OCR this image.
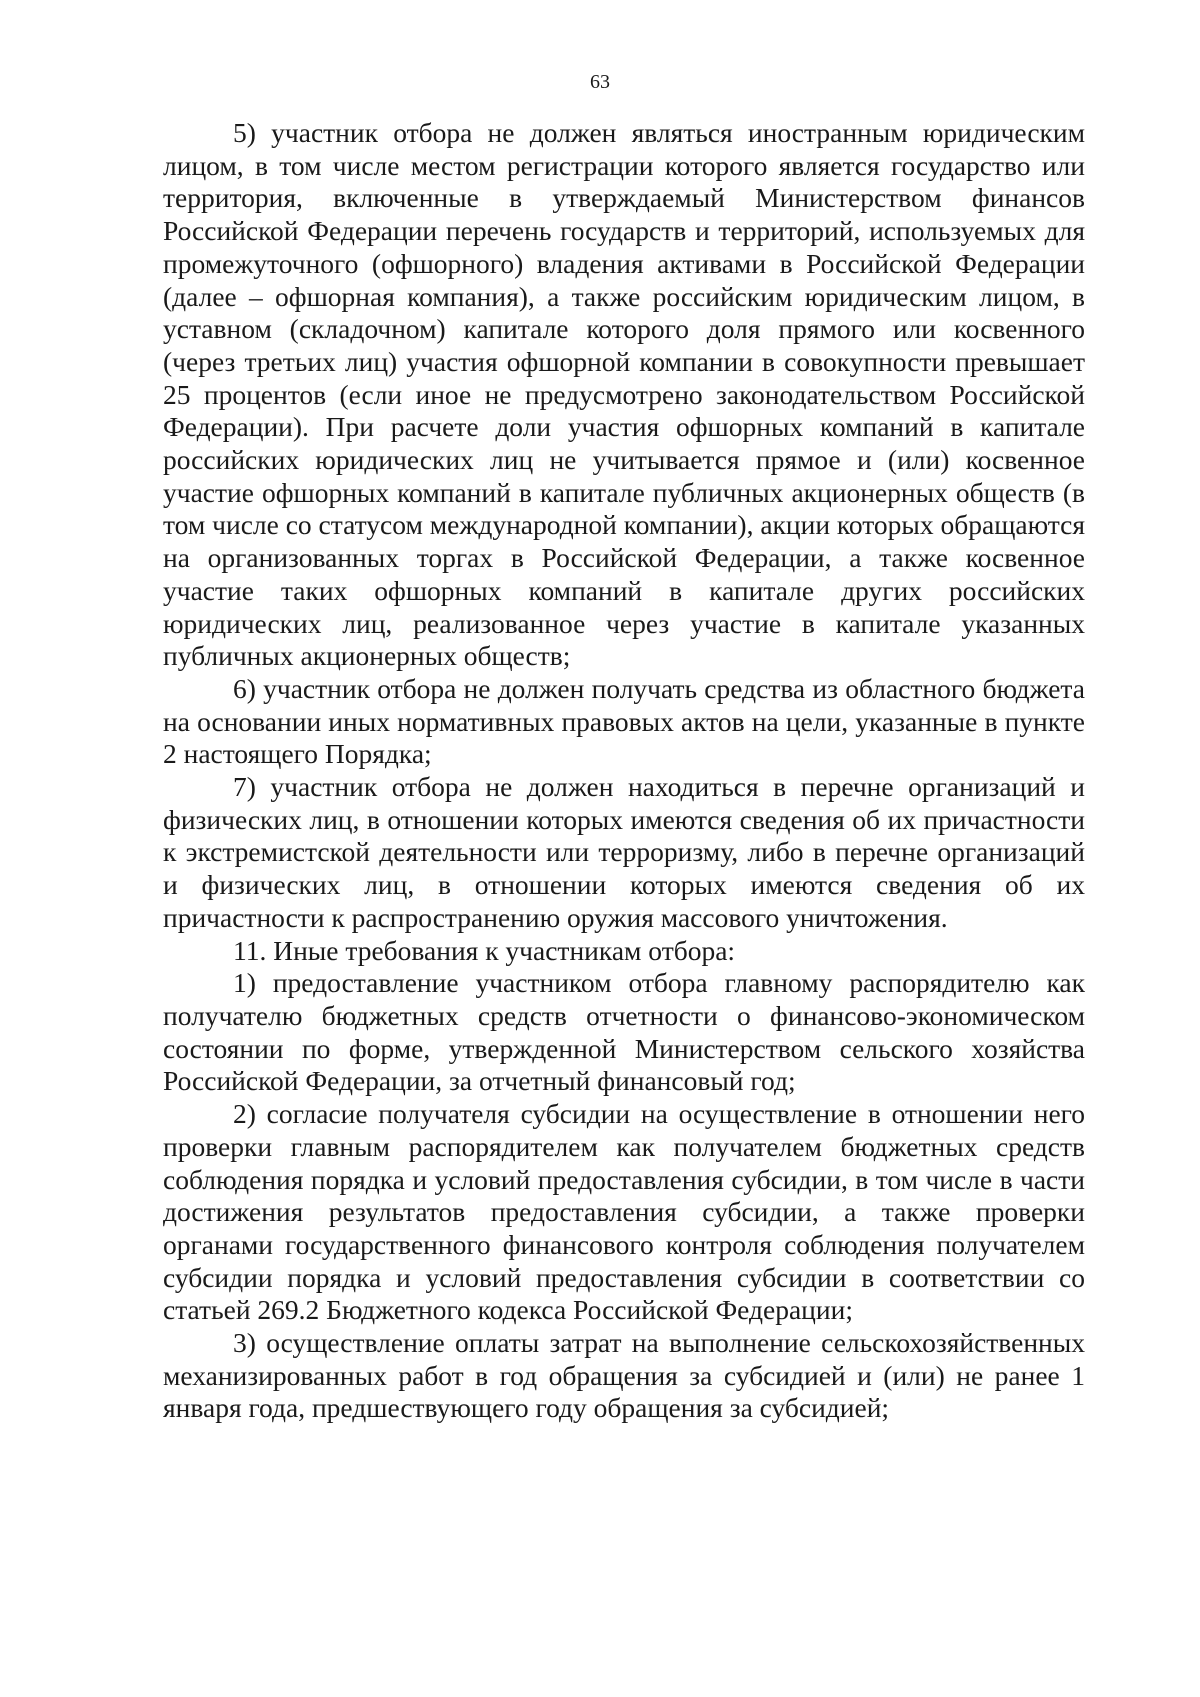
63

5) участник отбора не должен являться иностранным юридическим лицом, в том числе местом регистрации которого является государство или территория, включенные в утверждаемый Министерством финансов Российской Федерации перечень государств и территорий, используемых для промежуточного (офшорного) владения активами в Российской Федерации (далее – офшорная компания), а также российским юридическим лицом, в уставном (складочном) капитале которого доля прямого или косвенного (через третьих лиц) участия офшорной компании в совокупности превышает 25 процентов (если иное не предусмотрено законодательством Российской Федерации). При расчете доли участия офшорных компаний в капитале российских юридических лиц не учитывается прямое и (или) косвенное участие офшорных компаний в капитале публичных акционерных обществ (в том числе со статусом международной компании), акции которых обращаются на организованных торгах в Российской Федерации, а также косвенное участие таких офшорных компаний в капитале других российских юридических лиц, реализованное через участие в капитале указанных публичных акционерных обществ;

6) участник отбора не должен получать средства из областного бюджета на основании иных нормативных правовых актов на цели, указанные в пункте 2 настоящего Порядка;

7) участник отбора не должен находиться в перечне организаций и физических лиц, в отношении которых имеются сведения об их причастности к экстремистской деятельности или терроризму, либо в перечне организаций и физических лиц, в отношении которых имеются сведения об их причастности к распространению оружия массового уничтожения.

11. Иные требования к участникам отбора:

1) предоставление участником отбора главному распорядителю как получателю бюджетных средств отчетности о финансово-экономическом состоянии по форме, утвержденной Министерством сельского хозяйства Российской Федерации, за отчетный финансовый год;

2) согласие получателя субсидии на осуществление в отношении него проверки главным распорядителем как получателем бюджетных средств соблюдения порядка и условий предоставления субсидии, в том числе в части достижения результатов предоставления субсидии, а также проверки органами государственного финансового контроля соблюдения получателем субсидии порядка и условий предоставления субсидии в соответствии со статьей 269.2 Бюджетного кодекса Российской Федерации;

3) осуществление оплаты затрат на выполнение сельскохозяйственных механизированных работ в год обращения за субсидией и (или) не ранее 1 января года, предшествующего году обращения за субсидией;
